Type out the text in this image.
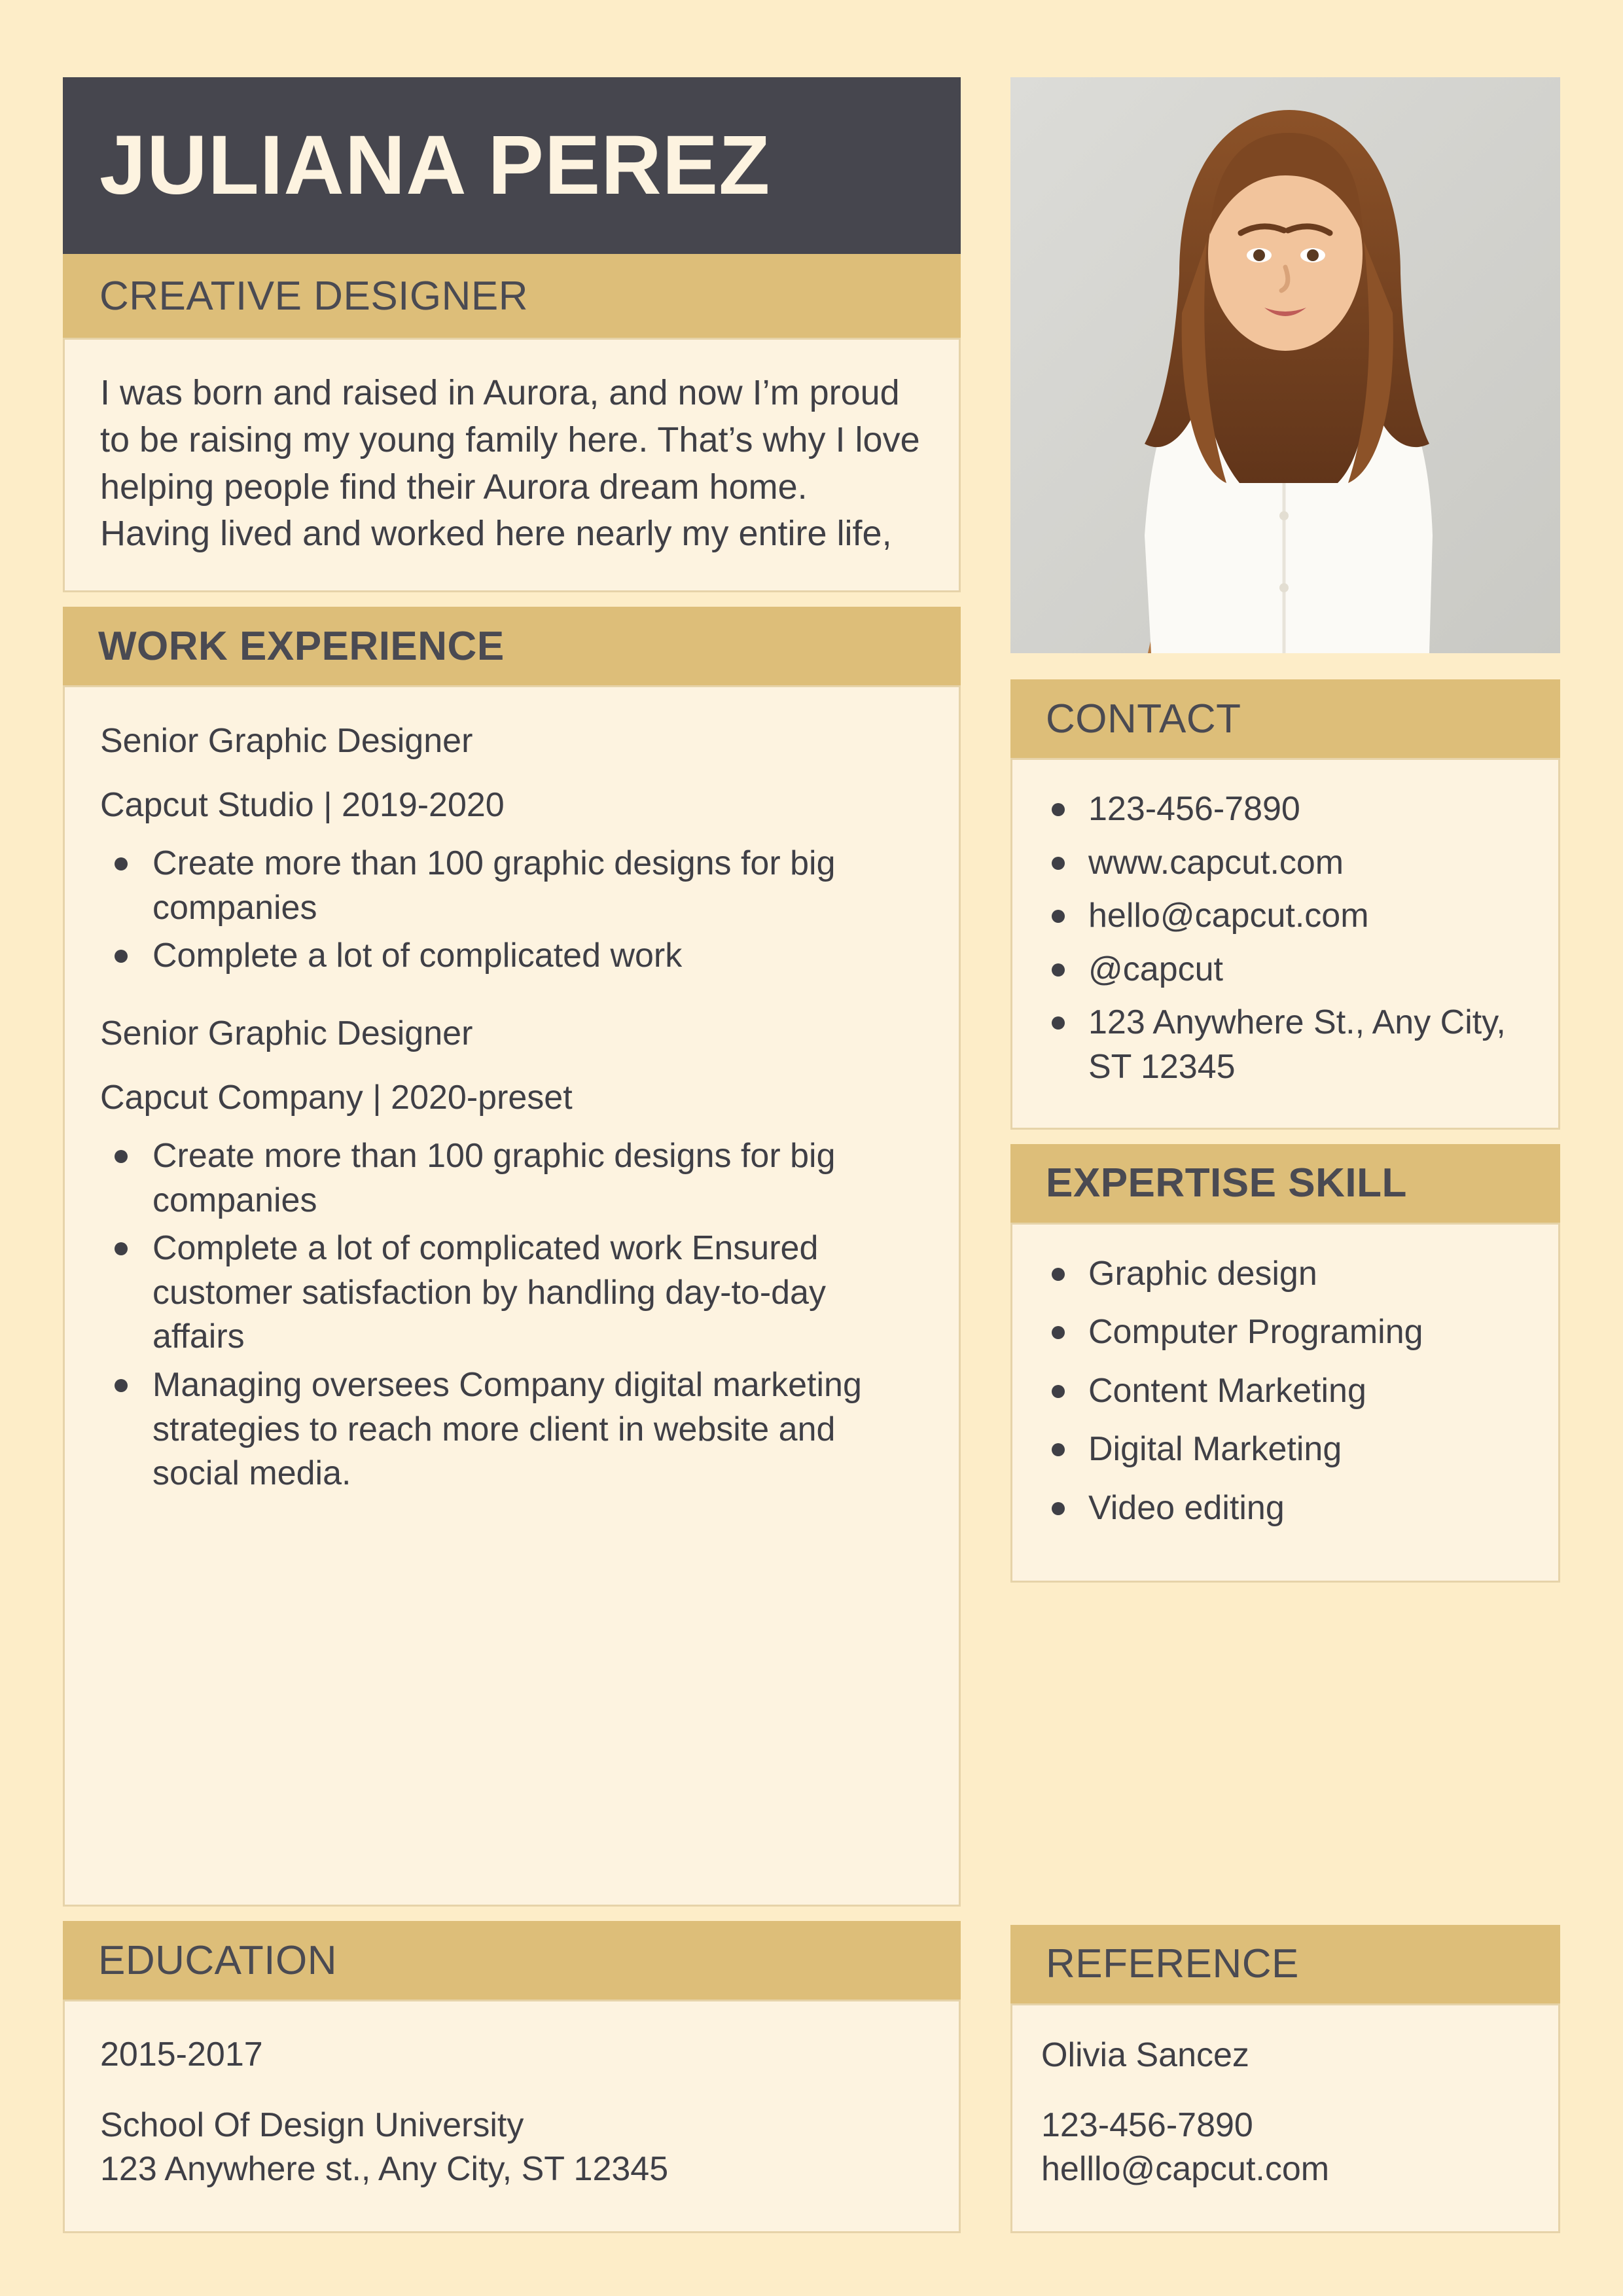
JULIANA PEREZ
CREATIVE DESIGNER

I was born and raised in Aurora, and now I’m proud to be raising my young family here. That’s why I love helping people find their Aurora dream home. Having lived and worked here nearly my entire life,

WORK EXPERIENCE
Senior Graphic Designer
Capcut Studio | 2019-2020
Create more than 100 graphic designs for big companies
Complete a lot of complicated work
Senior Graphic Designer
Capcut Company | 2020-preset
Create more than 100 graphic designs for big companies
Complete a lot of complicated work Ensured customer satisfaction by handling day-to-day affairs
Managing oversees Company digital marketing strategies to reach more client in website and social media.
EDUCATION
2015-2017
School Of Design University
123 Anywhere st., Any City, ST 12345
CONTACT
123-456-7890
www.capcut.com
hello@capcut.com
@capcut
123 Anywhere St., Any City, ST 12345
EXPERTISE SKILL
Graphic design
Computer Programing
Content Marketing
Digital Marketing
Video editing
REFERENCE
Olivia Sancez
123-456-7890
helllo@capcut.com
